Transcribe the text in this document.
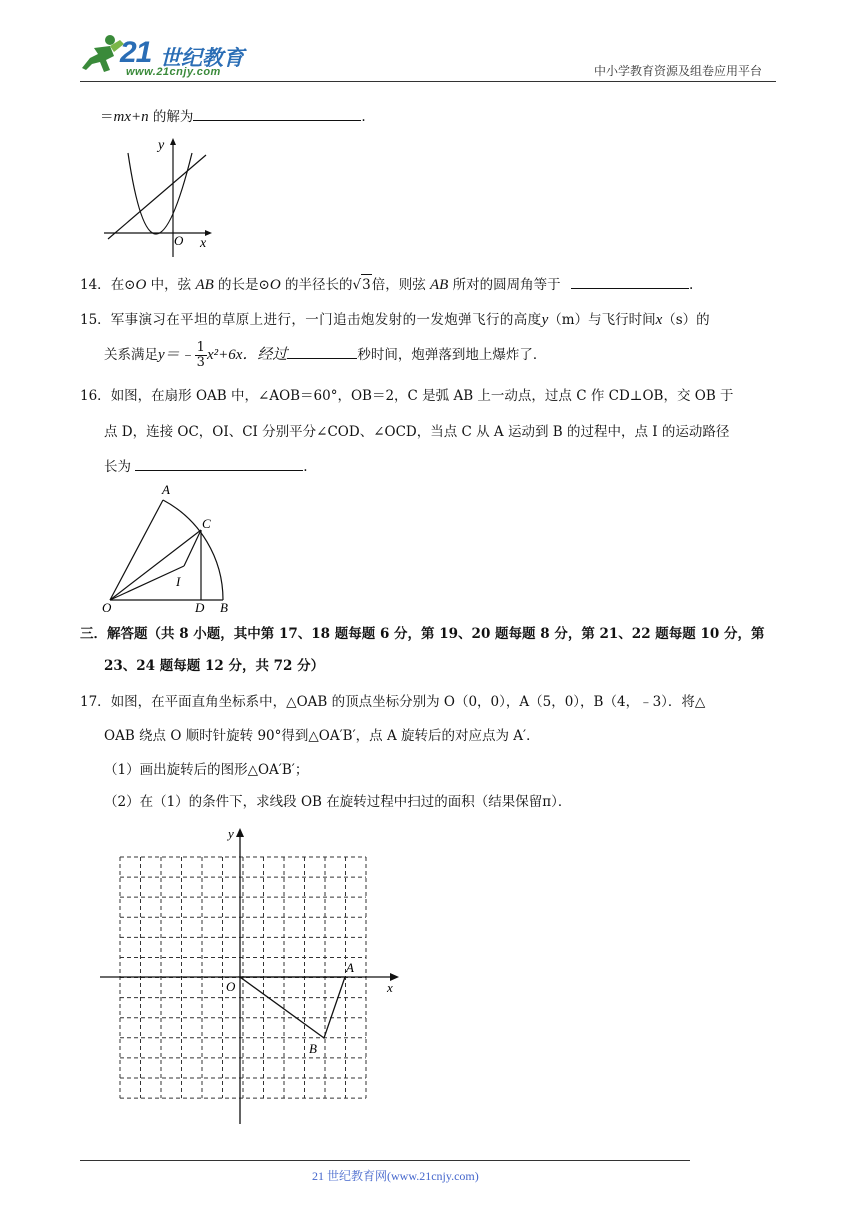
21 世纪教育
www.21cnjy.com	中小学教育资源及组卷应用平台
＝mx+n 的解为	.
y
x
O
14．在⊙O 中，弦 AB 的长是⊙O 的半径长的√3倍，则弦 AB 所对的圆周角等于	.
15．军事演习在平坦的草原上进行，一门追击炮发射的一发炮弹飞行的高度y（m）与飞行时间x（s）的
关系满足y＝﹣ $\frac{1}{3} x^2+6x$．经过	秒时间，炮弹落到地上爆炸了．
16．如图，在扇形 OAB 中，∠AOB＝60°，OB＝2，C 是弧 AB 上一动点，过点 C 作 CD⊥OB，交 OB 于
点 D，连接 OC，OI、CI 分别平分∠COD、∠OCD，当点 C 从 A 运动到 B 的过程中，点 I 的运动路径
长为	.
A
C
I
O	D B
三．解答题（共 8 小题，其中第 17、18 题每题 6 分，第 19、20 题每题 8 分，第 21、22 题每题 10 分，第
23、24 题每题 12 分，共 72 分）
17．如图，在平面直角坐标系中，△OAB 的顶点坐标分别为 O（0，0），A（5，0），B（4，﹣3）．将△
OAB 绕点 O 顺时针旋转 90°得到△OA′B′，点 A 旋转后的对应点为 A′．
（1）画出旋转后的图形△OA′B′；
（2）在（1）的条件下，求线段 OB 在旋转过程中扫过的面积（结果保留π）．
y
x
O
A
B
21 世纪教育网(www.21cnjy.com)
